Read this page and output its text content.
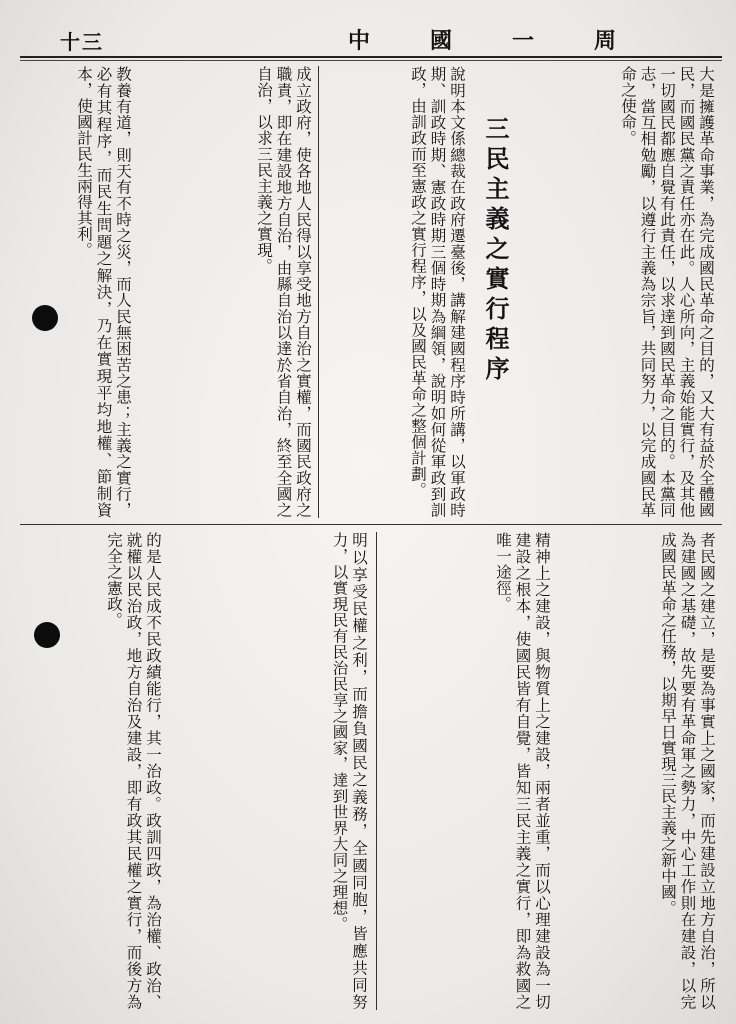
十三	中國一周
大是擁護革命事業，為完成國民革命之目的，又大有益於全體國民，而國民黨之責任亦在此。人心所向，主義始能實行，及其他一切國民都應自覺有此責任，以求達到國民革命之目的。本黨同志，當互相勉勵，以遵行主義為宗旨，共同努力，以完成國民革命之使命。
三民主義之實行程序
說明本文係總裁在政府遷臺後，講解建國程序時所講，以軍政時期、訓政時期、憲政時期三個時期為綱領，說明如何從軍政到訓政，由訓政而至憲政之實行程序，以及國民革命之整個計劃。
成立政府，使各地人民得以享受地方自治之實權，而國民政府之職責，即在建設地方自治，由縣自治以達於省自治，終至全國之自治，以求三民主義之實現。
教養有道，則天有不時之災，而人民無困苦之患；主義之實行，必有其程序，而民生問題之解決，乃在實現平均地權、節制資本，使國計民生兩得其利。
者民國之建立，是要為事實上之國家，而先建設立地方自治，所以為建國之基礎，故先要有革命軍之勢力，中心工作則在建設，以完成國民革命之任務，以期早日實現三民主義之新中國。
精神上之建設，與物質上之建設，兩者並重，而以心理建設為一切建設之根本，使國民皆有自覺，皆知三民主義之實行，即為救國之唯一途徑。
明以享受民權之利，而擔負國民之義務，全國同胞，皆應共同努力，以實現民有民治民享之國家，達到世界大同之理想。
的是人民成不民政績能行，其一治政。政訓四政，為治權、政治、就權以民治政，地方自治及建設，即有政其民權之實行，而後方為完全之憲政。
